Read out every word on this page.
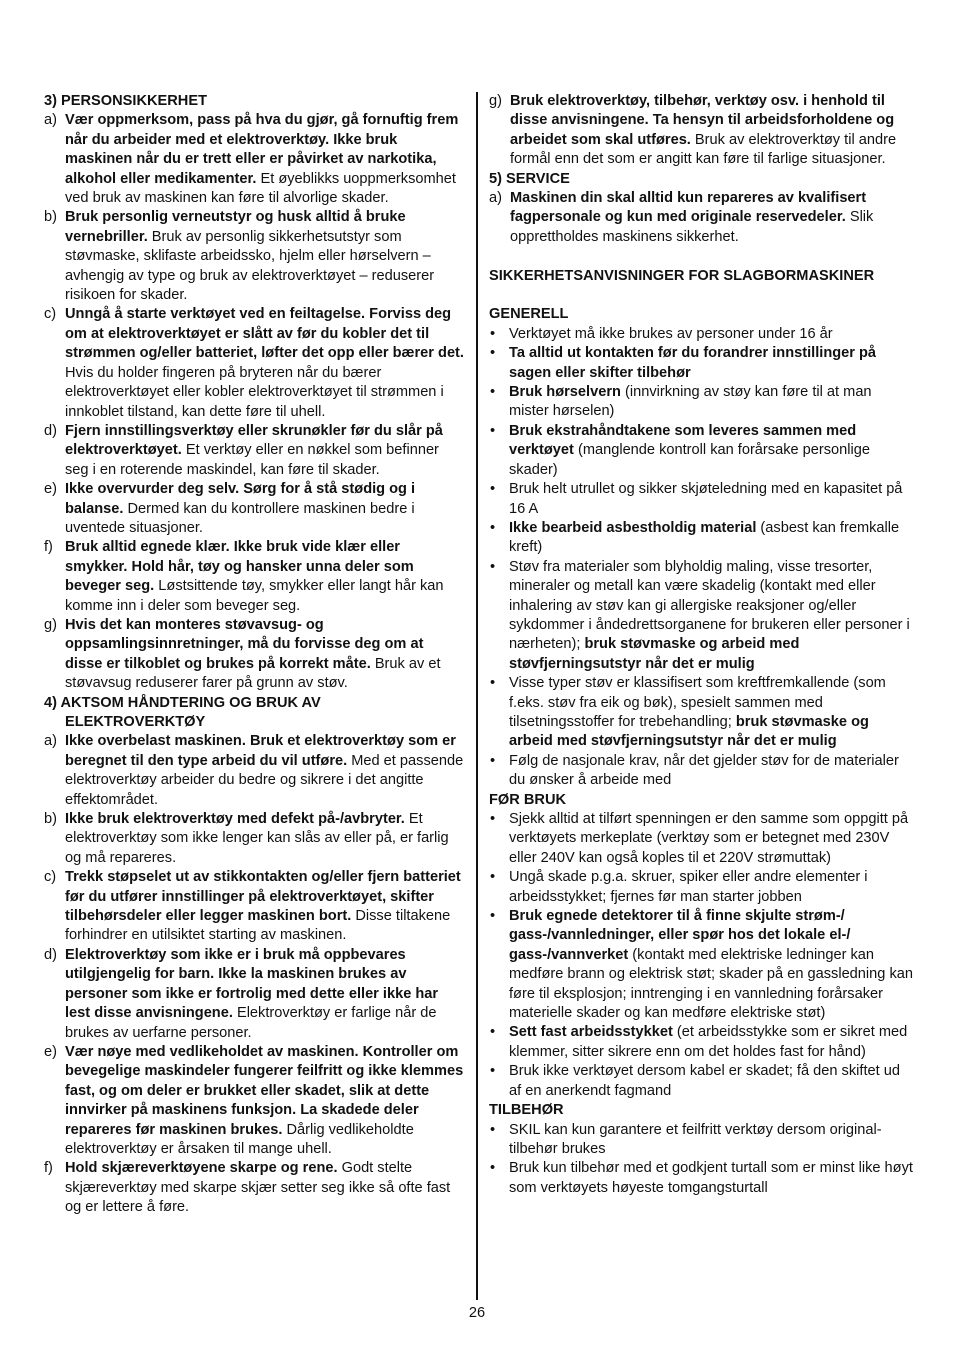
3) PERSONSIKKERHET

a) Vær oppmerksom, pass på hva du gjør, gå fornuftig frem når du arbeider med et elektroverktøy. Ikke bruk maskinen når du er trett eller er påvirket av narkotika, alkohol eller medikamenter. Et øyeblikks uoppmerksomhet ved bruk av maskinen kan føre til alvorlige skader.

b) Bruk personlig verneutstyr og husk alltid å bruke vernebriller. Bruk av personlig sikkerhetsutstyr som støvmaske, sklifaste arbeidssko, hjelm eller hørselvern – avhengig av type og bruk av elektroverktøyet – reduserer risikoen for skader.

c) Unngå å starte verktøyet ved en feiltagelse. Forviss deg om at elektroverktøyet er slått av før du kobler det til strømmen og/eller batteriet, løfter det opp eller bærer det. Hvis du holder fingeren på bryteren når du bærer elektroverktøyet eller kobler elektroverktøyet til strømmen i innkoblet tilstand, kan dette føre til uhell.

d) Fjern innstillingsverktøy eller skrunøkler før du slår på elektroverktøyet. Et verktøy eller en nøkkel som befinner seg i en roterende maskindel, kan føre til skader.

e) Ikke overvurder deg selv. Sørg for å stå stødig og i balanse. Dermed kan du kontrollere maskinen bedre i uventede situasjoner.

f) Bruk alltid egnede klær. Ikke bruk vide klær eller smykker. Hold hår, tøy og hansker unna deler som beveger seg. Løstsittende tøy, smykker eller langt hår kan komme inn i deler som beveger seg.

g) Hvis det kan monteres støvavsug- og oppsamlingsinnretninger, må du forvisse deg om at disse er tilkoblet og brukes på korrekt måte. Bruk av et støvavsug reduserer farer på grunn av støv.

4) AKTSOM HÅNDTERING OG BRUK AV
ELEKTROVERKTØY

a) Ikke overbelast maskinen. Bruk et elektroverktøy som er beregnet til den type arbeid du vil utføre. Med et passende elektroverktøy arbeider du bedre og sikrere i det angitte effektområdet.

b) Ikke bruk elektroverktøy med defekt på-/avbryter. Et elektroverktøy som ikke lenger kan slås av eller på, er farlig og må repareres.

c) Trekk støpselet ut av stikkontakten og/eller fjern batteriet før du utfører innstillinger på elektroverktøyet, skifter tilbehørsdeler eller legger maskinen bort. Disse tiltakene forhindrer en utilsiktet starting av maskinen.

d) Elektroverktøy som ikke er i bruk må oppbevares utilgjengelig for barn. Ikke la maskinen brukes av personer som ikke er fortrolig med dette eller ikke har lest disse anvisningene. Elektroverktøy er farlige når de brukes av uerfarne personer.

e) Vær nøye med vedlikeholdet av maskinen. Kontroller om bevegelige maskindeler fungerer feilfritt og ikke klemmes fast, og om deler er brukket eller skadet, slik at dette innvirker på maskinens funksjon. La skadede deler repareres før maskinen brukes. Dårlig vedlikeholdte elektroverktøy er årsaken til mange uhell.

f) Hold skjæreverktøyene skarpe og rene. Godt stelte skjæreverktøy med skarpe skjær setter seg ikke så ofte fast og er lettere å føre.

g) Bruk elektroverktøy, tilbehør, verktøy osv. i henhold til disse anvisningene. Ta hensyn til arbeidsforholdene og arbeidet som skal utføres. Bruk av elektroverktøy til andre formål enn det som er angitt kan føre til farlige situasjoner.

5) SERVICE

a) Maskinen din skal alltid kun repareres av kvalifisert fagpersonale og kun med originale reservedeler. Slik opprettholdes maskinens sikkerhet.

SIKKERHETSANVISNINGER FOR SLAGBORMASKINER

GENERELL

• Verktøyet må ikke brukes av personer under 16 år

• Ta alltid ut kontakten før du forandrer innstillinger på sagen eller skifter tilbehør

• Bruk hørselvern (innvirkning av støy kan føre til at man mister hørselen)

• Bruk ekstrahåndtakene som leveres sammen med verktøyet (manglende kontroll kan forårsake personlige skader)

• Bruk helt utrullet og sikker skjøteledning med en kapasitet på 16 A

• Ikke bearbeid asbestholdig material (asbest kan fremkalle kreft)

• Støv fra materialer som blyholdig maling, visse tresorter, mineraler og metall kan være skadelig (kontakt med eller inhalering av støv kan gi allergiske reaksjoner og/eller sykdommer i åndedrettsorganene for brukeren eller personer i nærheten); bruk støvmaske og arbeid med støvfjerningsutstyr når det er mulig

• Visse typer støv er klassifisert som kreftfremkallende (som f.eks. støv fra eik og bøk), spesielt sammen med tilsetningsstoffer for trebehandling; bruk støvmaske og arbeid med støvfjerningsutstyr når det er mulig

• Følg de nasjonale krav, når det gjelder støv for de materialer du ønsker å arbeide med

FØR BRUK

• Sjekk alltid at tilført spenningen er den samme som oppgitt på verktøyets merkeplate (verktøy som er betegnet med 230V eller 240V kan også koples til et 220V strømuttak)

• Ungå skade p.g.a. skruer, spiker eller andre elementer i arbeidsstykket; fjernes før man starter jobben

• Bruk egnede detektorer til å finne skjulte strøm-/ gass-/vannledninger, eller spør hos det lokale el-/ gass-/vannverket (kontakt med elektriske ledninger kan medføre brann og elektrisk støt; skader på en gassledning kan føre til eksplosjon; inntrenging i en vannledning forårsaker materielle skader og kan medføre elektriske støt)

• Sett fast arbeidsstykket (et arbeidsstykke som er sikret med klemmer, sitter sikrere enn om det holdes fast for hånd)

• Bruk ikke verktøyet dersom kabel er skadet; få den skiftet ud af en anerkendt fagmand

TILBEHØR

• SKIL kan kun garantere et feilfritt verktøy dersom original-tilbehør brukes

• Bruk kun tilbehør med et godkjent turtall som er minst like høyt som verktøyets høyeste tomgangsturtall

26
